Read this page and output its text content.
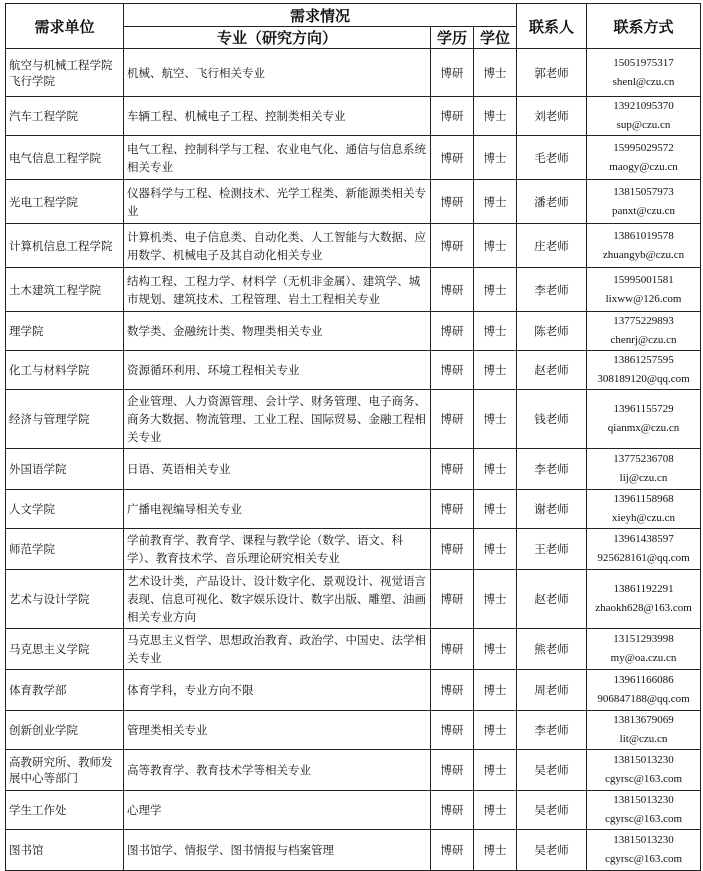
需求单位	需求情况			联系人	联系方式
	专业（研究方向）	学历	学位		
航空与机械工程学院飞行学院	机械、航空、飞行相关专业	博研	博士	郭老师	15051975317
shenl@czu.cn

汽车工程学院	车辆工程、机械电子工程、控制类相关专业	博研	博士	刘老师	13921095370
sup@czu.cn

电气信息工程学院	电气工程、控制科学与工程、农业电气化、通信与信息系统相关专业	博研	博士	毛老师	15995029572
maogy@czu.cn

光电工程学院	仪器科学与工程、检测技术、光学工程类、新能源类相关专业	博研	博士	潘老师	13815057973
panxt@czu.cn

计算机信息工程学院	计算机类、电子信息类、自动化类、人工智能与大数据、应用数学、机械电子及其自动化相关专业	博研	博士	庄老师	13861019578
zhuangyb@czu.cn

土木建筑工程学院	结构工程、工程力学、材料学（无机非金属）、建筑学、城市规划、建筑技术、工程管理、岩土工程相关专业	博研	博士	李老师	15995001581
lixww@126.com

理学院	数学类、金融统计类、物理类相关专业	博研	博士	陈老师	13775229893
chenrj@czu.cn

化工与材料学院	资源循环利用、环境工程相关专业	博研	博士	赵老师	13861257595
308189120@qq.com

经济与管理学院	企业管理、人力资源管理、会计学、财务管理、电子商务、商务大数据、物流管理、工业工程、国际贸易、金融工程相关专业	博研	博士	钱老师	13961155729
qianmx@czu.cn

外国语学院	日语、英语相关专业	博研	博士	李老师	13775236708
lij@czu.cn

人文学院	广播电视编导相关专业	博研	博士	谢老师	13961158968
xieyh@czu.cn

师范学院	学前教育学、教育学、课程与教学论（数学、语文、科学）、教育技术学、音乐理论研究相关专业	博研	博士	王老师	13961438597
925628161@qq.com

艺术与设计学院	艺术设计类，产品设计、设计数字化、景观设计、视觉语言表现、信息可视化、数字娱乐设计、数字出版、雕塑、油画相关专业方向	博研	博士	赵老师	13861192291
zhaokh628@163.com

马克思主义学院	马克思主义哲学、思想政治教育、政治学、中国史、法学相关专业	博研	博士	熊老师	13151293998
my@oa.czu.cn

体育教学部	体育学科，专业方向不限	博研	博士	周老师	13961166086
906847188@qq.com

创新创业学院	管理类相关专业	博研	博士	李老师	13813679069
lit@czu.cn

高教研究所、教师发展中心等部门	高等教育学、教育技术学等相关专业	博研	博士	吴老师	13815013230
cgyrsc@163.com

学生工作处	心理学	博研	博士	吴老师	13815013230
cgyrsc@163.com

图书馆	图书馆学、情报学、图书情报与档案管理	博研	博士	吴老师	13815013230
cgyrsc@163.com
